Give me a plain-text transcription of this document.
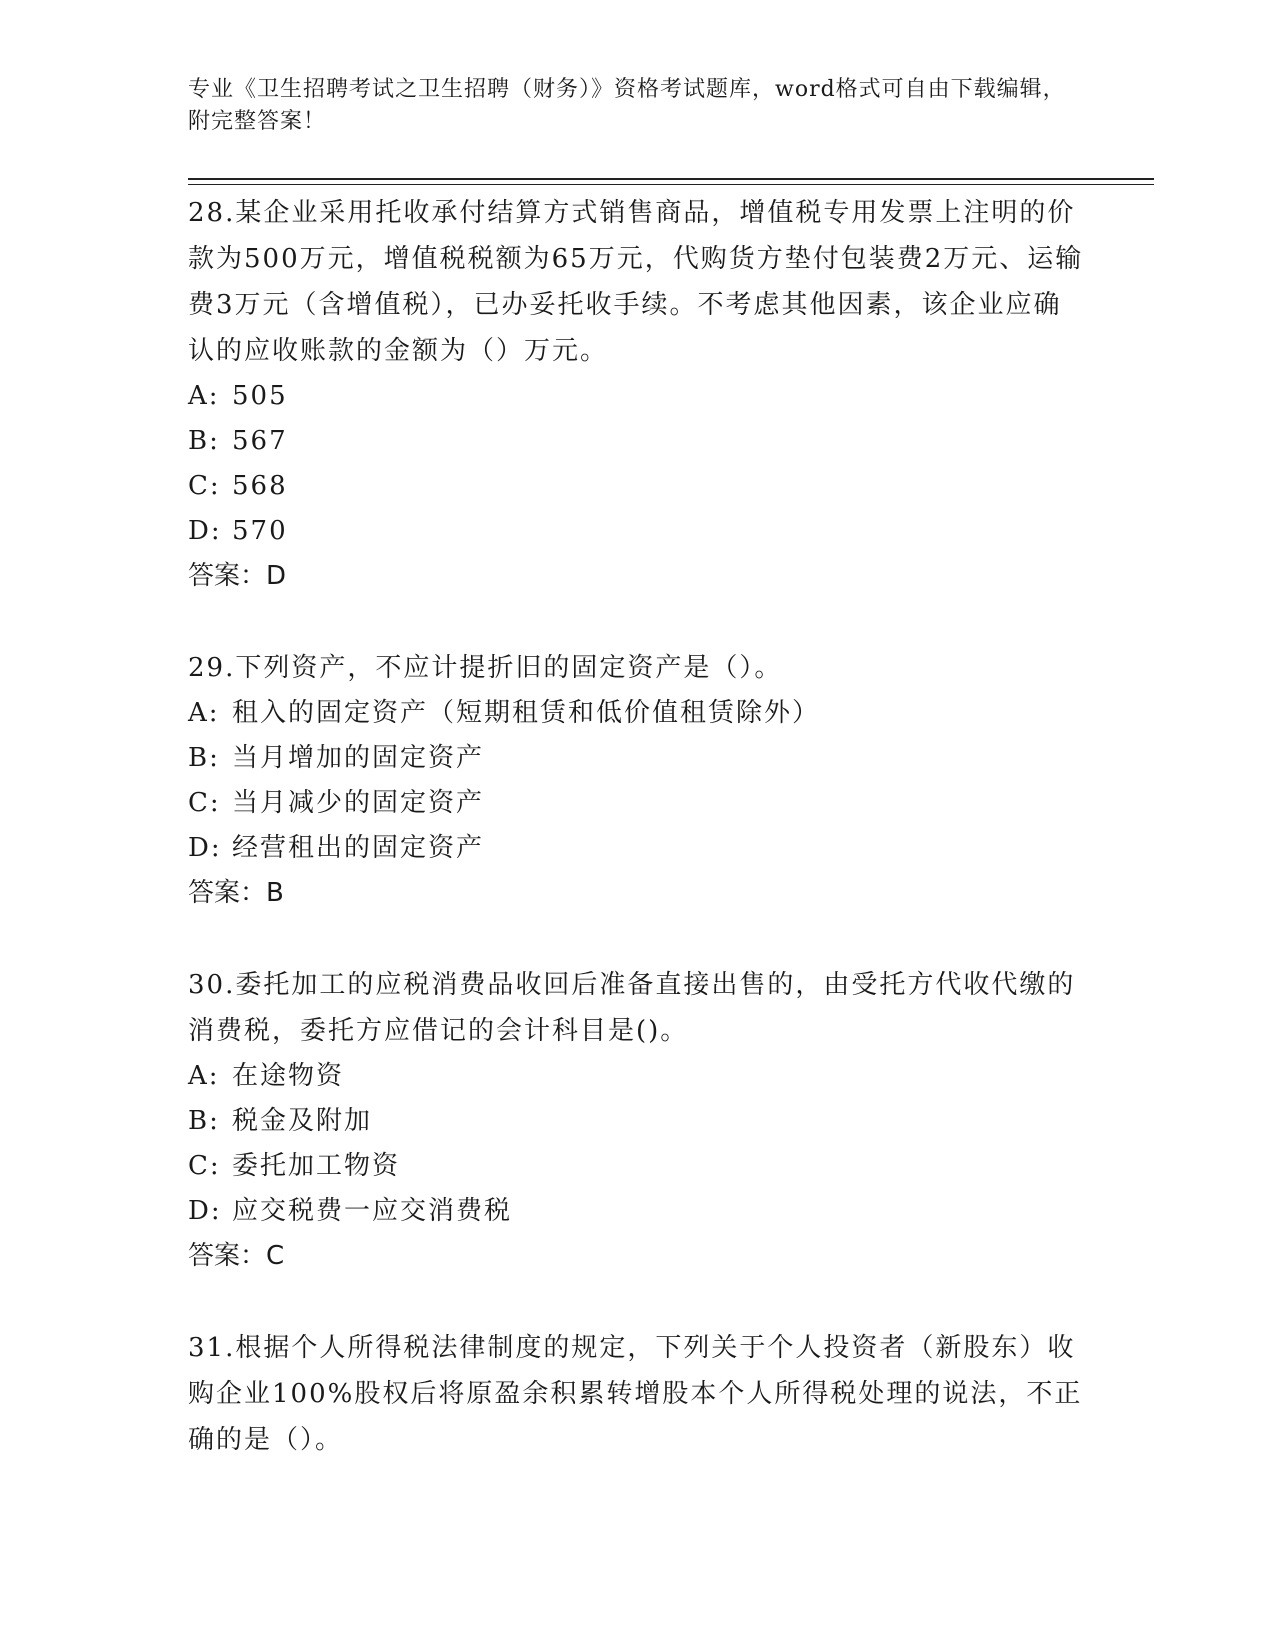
专业《卫生招聘考试之卫生招聘（财务）》资格考试题库，word格式可自由下载编辑，附完整答案！
28.某企业采用托收承付结算方式销售商品，增值税专用发票上注明的价款为500万元，增值税税额为65万元，代购货方垫付包装费2万元、运输费3万元（含增值税），已办妥托收手续。不考虑其他因素，该企业应确认的应收账款的金额为（）万元。
A: 505
B: 567
C: 568
D: 570
答案：D
29.下列资产，不应计提折旧的固定资产是（）。
A: 租入的固定资产（短期租赁和低价值租赁除外）
B: 当月增加的固定资产
C: 当月减少的固定资产
D: 经营租出的固定资产
答案：B
30.委托加工的应税消费品收回后准备直接出售的，由受托方代收代缴的消费税，委托方应借记的会计科目是()。
A: 在途物资
B: 税金及附加
C: 委托加工物资
D: 应交税费一应交消费税
答案：C
31.根据个人所得税法律制度的规定，下列关于个人投资者（新股东）收购企业100%股权后将原盈余积累转增股本个人所得税处理的说法，不正确的是（）。
